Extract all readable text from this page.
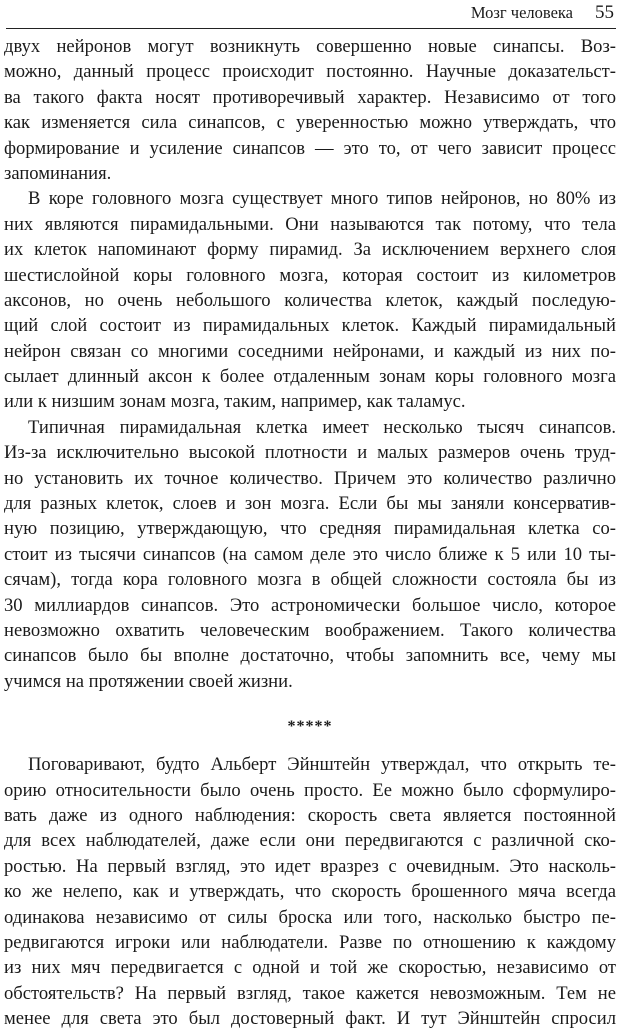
Мозг человека 55
двух нейронов могут возникнуть совершенно новые синапсы. Воз-
можно, данный процесс происходит постоянно. Научные доказательст-
ва такого факта носят противоречивый характер. Независимо от того
как изменяется сила синапсов, с уверенностью можно утверждать, что
формирование и усиление синапсов — это то, от чего зависит процесс
запоминания.
В коре головного мозга существует много типов нейронов, но 80% из
них являются пирамидальными. Они называются так потому, что тела
их клеток напоминают форму пирамид. За исключением верхнего слоя
шестислойной коры головного мозга, которая состоит из километров
аксонов, но очень небольшого количества клеток, каждый последую-
щий слой состоит из пирамидальных клеток. Каждый пирамидальный
нейрон связан со многими соседними нейронами, и каждый из них по-
сылает длинный аксон к более отдаленным зонам коры головного мозга
или к низшим зонам мозга, таким, например, как таламус.
Типичная пирамидальная клетка имеет несколько тысяч синапсов.
Из-за исключительно высокой плотности и малых размеров очень труд-
но установить их точное количество. Причем это количество различно
для разных клеток, слоев и зон мозга. Если бы мы заняли консерватив-
ную позицию, утверждающую, что средняя пирамидальная клетка со-
стоит из тысячи синапсов (на самом деле это число ближе к 5 или 10 ты-
сячам), тогда кора головного мозга в общей сложности состояла бы из
30 миллиардов синапсов. Это астрономически большое число, которое
невозможно охватить человеческим воображением. Такого количества
синапсов было бы вполне достаточно, чтобы запомнить все, чему мы
учимся на протяжении своей жизни.
*****
Поговаривают, будто Альберт Эйнштейн утверждал, что открыть те-
орию относительности было очень просто. Ее можно было сформулиро-
вать даже из одного наблюдения: скорость света является постоянной
для всех наблюдателей, даже если они передвигаются с различной ско-
ростью. На первый взгляд, это идет вразрез с очевидным. Это насколь-
ко же нелепо, как и утверждать, что скорость брошенного мяча всегда
одинакова независимо от силы броска или того, насколько быстро пе-
редвигаются игроки или наблюдатели. Разве по отношению к каждому
из них мяч передвигается с одной и той же скоростью, независимо от
обстоятельств? На первый взгляд, такое кажется невозможным. Тем не
менее для света это был достоверный факт. И тут Эйнштейн спросил
